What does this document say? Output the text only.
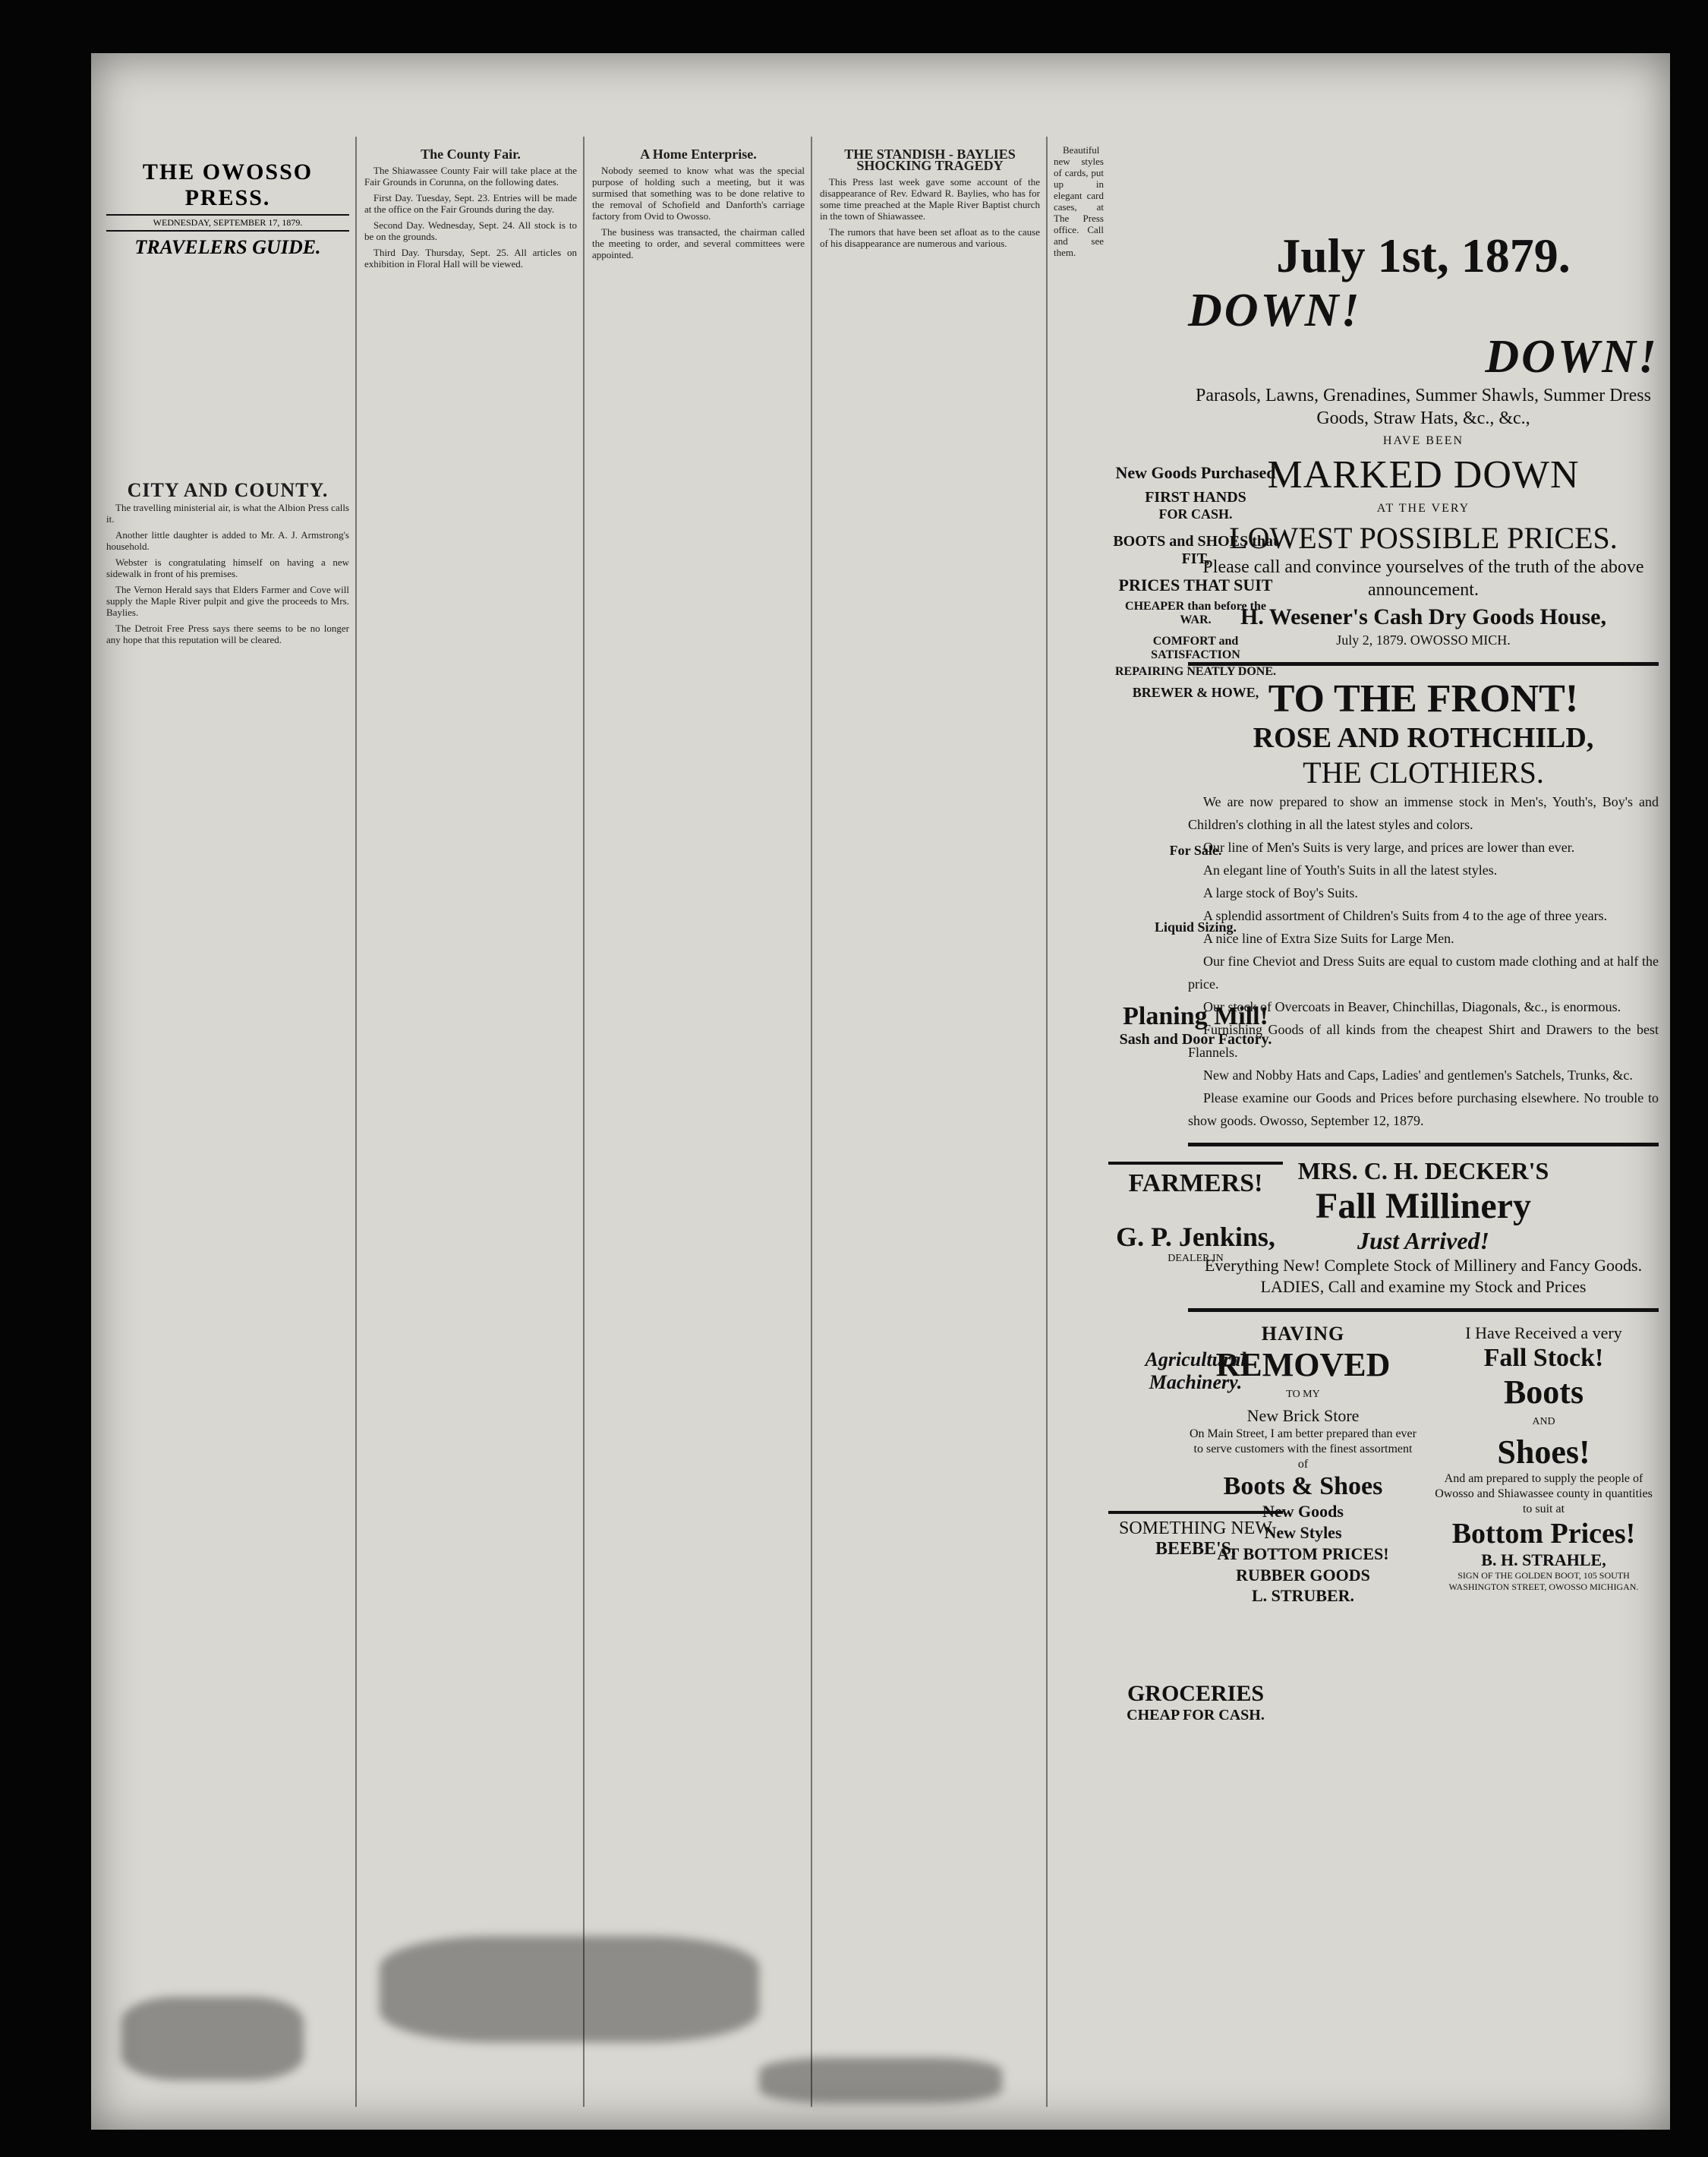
THE OWOSSO PRESS.
WEDNESDAY, SEPTEMBER 17, 1879.
TRAVELERS GUIDE.
CITY AND COUNTY.

The travelling ministerial air, is what the Albion Press calls it.

Another little daughter is added to Mr. A. J. Armstrong's household.

Webster is congratulating himself on having a new sidewalk in front of his premises.

The Vernon Herald says that Elders Farmer and Cove will supply the Maple River pulpit and give the proceeds to Mrs. Baylies.

The Detroit Free Press says there seems to be no longer any hope that this reputation will be cleared.

The County Fair.

The Shiawassee County Fair will take place at the Fair Grounds in Corunna, on the following dates.

First Day. Tuesday, Sept. 23. Entries will be made at the office on the Fair Grounds during the day.

Second Day. Wednesday, Sept. 24. All stock is to be on the grounds.

Third Day. Thursday, Sept. 25. All articles on exhibition in Floral Hall will be viewed.

A Home Enterprise.

Nobody seemed to know what was the special purpose of holding such a meeting, but it was surmised that something was to be done relative to the removal of Schofield and Danforth's carriage factory from Ovid to Owosso.

The business was transacted, the chairman called the meeting to order, and several committees were appointed.

THE STANDISH - BAYLIES SHOCKING TRAGEDY

This Press last week gave some account of the disappearance of Rev. Edward R. Baylies, who has for some time preached at the Maple River Baptist church in the town of Shiawassee.

The rumors that have been set afloat as to the cause of his disappearance are numerous and various.

Beautiful new styles of cards, put up in elegant card cases, at The Press office. Call and see them.

New Goods Purchased
FIRST HANDS
FOR CASH.
BOOTS and SHOES that FIT,
PRICES THAT SUIT
CHEAPER than before the WAR.
COMFORT and SATISFACTION
REPAIRING NEATLY DONE.
BREWER & HOWE,
For Sale.
Liquid Sizing.
Planing Mill!
Sash and Door Factory.
FARMERS!
G. P. Jenkins,
DEALER IN
Agricultural Machinery.
SOMETHING NEW
BEEBE'S,
GROCERIES
CHEAP FOR CASH.
July 1st, 1879.
DOWN!
DOWN!
Parasols, Lawns, Grenadines, Summer Shawls, Summer Dress Goods, Straw Hats, &c., &c.,
HAVE BEEN
MARKED DOWN
AT THE VERY
LOWEST POSSIBLE PRICES.
Please call and convince yourselves of the truth of the above announcement.
H. Wesener's Cash Dry Goods House,
July 2, 1879. OWOSSO MICH.
TO THE FRONT!
ROSE AND ROTHCHILD,
THE CLOTHIERS.

We are now prepared to show an immense stock in Men's, Youth's, Boy's and Children's clothing in all the latest styles and colors.

Our line of Men's Suits is very large, and prices are lower than ever.

An elegant line of Youth's Suits in all the latest styles.

A large stock of Boy's Suits.

A splendid assortment of Children's Suits from 4 to the age of three years.

A nice line of Extra Size Suits for Large Men.

Our fine Cheviot and Dress Suits are equal to custom made clothing and at half the price.

Our stock of Overcoats in Beaver, Chinchillas, Diagonals, &c., is enormous.

Furnishing Goods of all kinds from the cheapest Shirt and Drawers to the best Flannels.

New and Nobby Hats and Caps, Ladies' and gentlemen's Satchels, Trunks, &c.

Please examine our Goods and Prices before purchasing elsewhere. No trouble to show goods. Owosso, September 12, 1879.

MRS. C. H. DECKER'S
Fall Millinery
Just Arrived!
Everything New! Complete Stock of Millinery and Fancy Goods.
LADIES, Call and examine my Stock and Prices
HAVING
REMOVED
TO MY
New Brick Store
On Main Street, I am better prepared than ever to serve customers with the finest assortment of
Boots & Shoes
New Goods
New Styles
AT BOTTOM PRICES!
RUBBER GOODS
L. STRUBER.
I Have Received a very
Fall Stock!
Boots
AND
Shoes!
And am prepared to supply the people of Owosso and Shiawassee county in quantities to suit at
Bottom Prices!
B. H. STRAHLE,
SIGN OF THE GOLDEN BOOT, 105 SOUTH WASHINGTON STREET, OWOSSO MICHIGAN.
